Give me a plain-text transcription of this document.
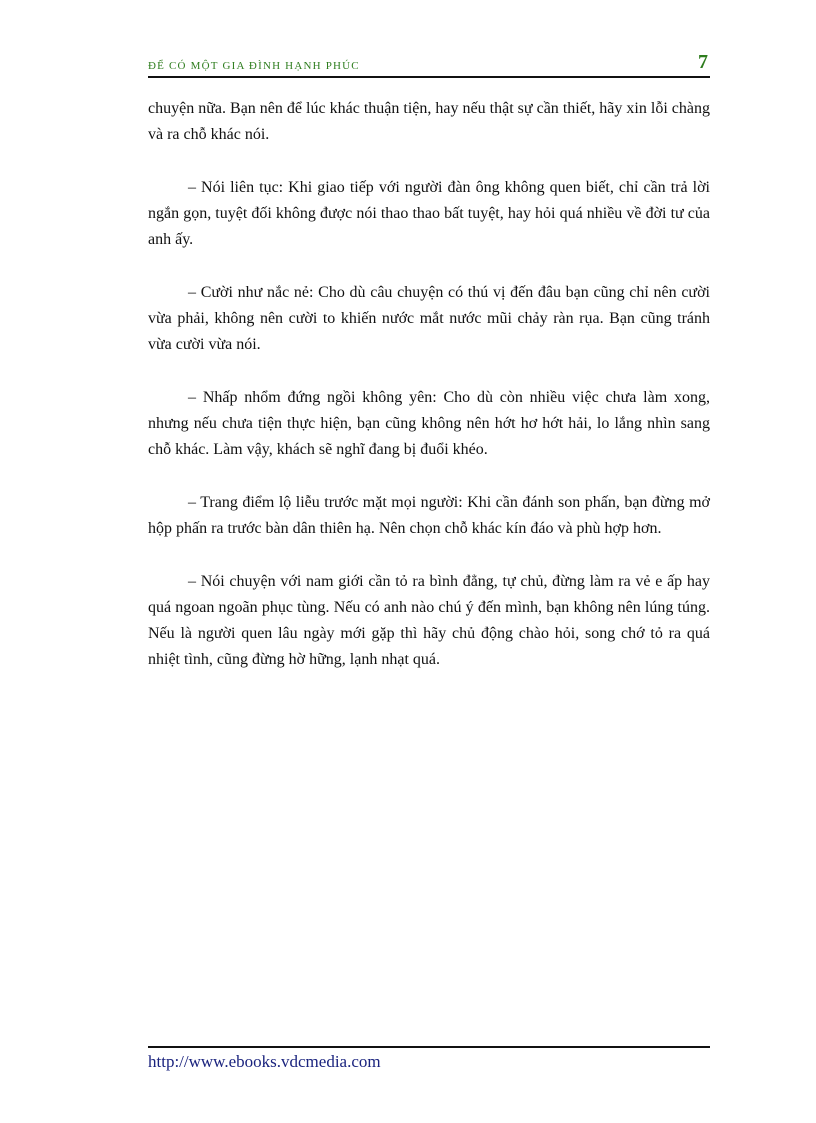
ĐỂ CÓ MỘT GIA ĐÌNH HẠNH PHÚC	7

chuyện nữa. Bạn nên để lúc khác thuận tiện, hay nếu thật sự cần thiết, hãy xin lỗi chàng và ra chỗ khác nói.

– Nói liên tục: Khi giao tiếp với người đàn ông không quen biết, chỉ cần trả lời ngắn gọn, tuyệt đối không được nói thao thao bất tuyệt, hay hỏi quá nhiều về đời tư của anh ấy.

– Cười như nắc nẻ: Cho dù câu chuyện có thú vị đến đâu bạn cũng chỉ nên cười vừa phải, không nên cười to khiến nước mắt nước mũi chảy ràn rụa. Bạn cũng tránh vừa cười vừa nói.

– Nhấp nhổm đứng ngồi không yên: Cho dù còn nhiều việc chưa làm xong, nhưng nếu chưa tiện thực hiện, bạn cũng không nên hớt hơ hớt hải, lo lắng nhìn sang chỗ khác. Làm vậy, khách sẽ nghĩ đang bị đuổi khéo.

– Trang điểm lộ liễu trước mặt mọi người: Khi cần đánh son phấn, bạn đừng mở hộp phấn ra trước bàn dân thiên hạ. Nên chọn chỗ khác kín đáo và phù hợp hơn.

– Nói chuyện với nam giới cần tỏ ra bình đẳng, tự chủ, đừng làm ra vẻ e ấp hay quá ngoan ngoãn phục tùng. Nếu có anh nào chú ý đến mình, bạn không nên lúng túng. Nếu là người quen lâu ngày mới gặp thì hãy chủ động chào hỏi, song chớ tỏ ra quá nhiệt tình, cũng đừng hờ hững, lạnh nhạt quá.

http://www.ebooks.vdcmedia.com
